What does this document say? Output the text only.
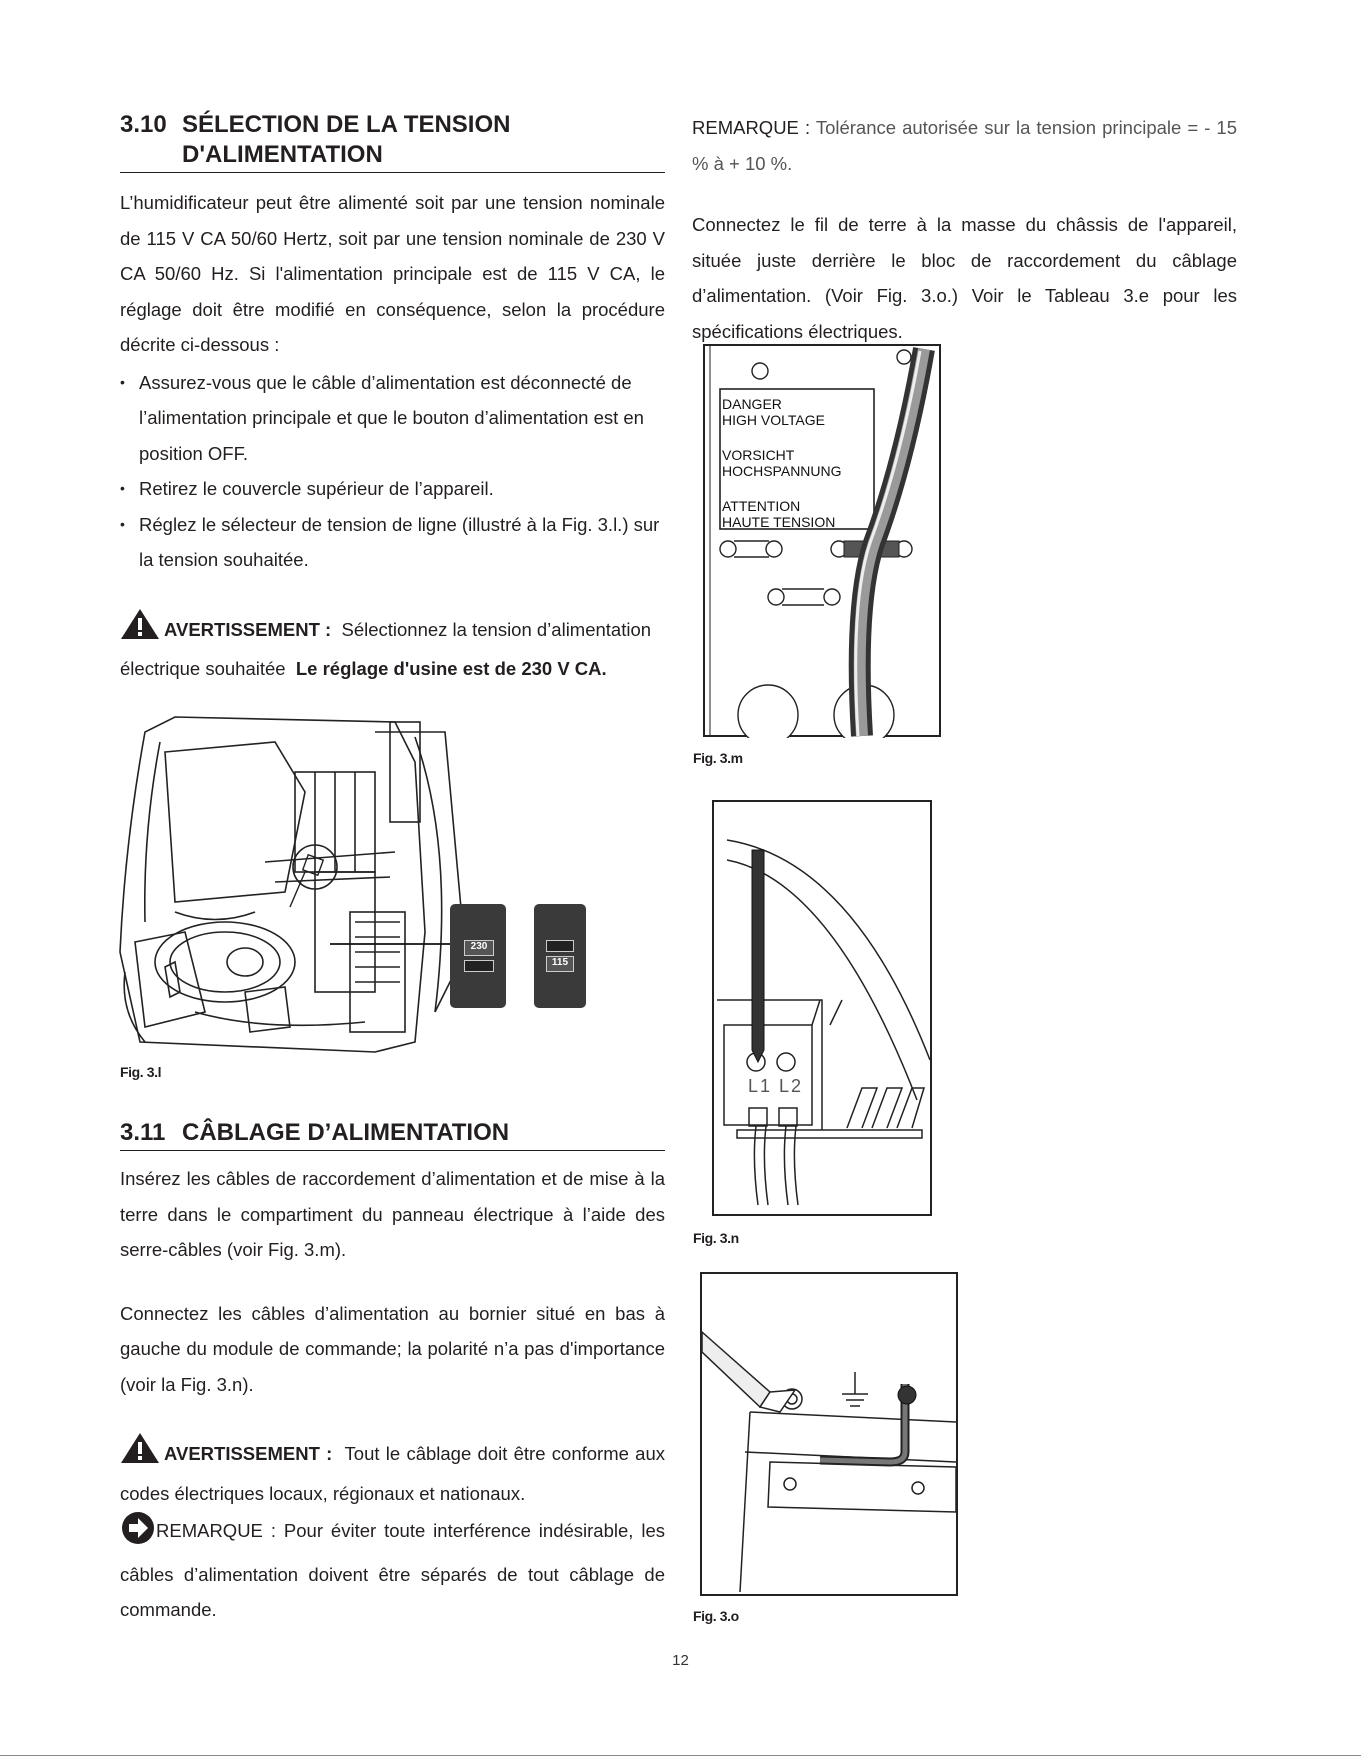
3.10 SÉLECTION DE LA TENSION
D'ALIMENTATION

L’humidificateur peut être alimenté soit par une tension nominale de 115 V CA 50/60 Hertz, soit par une tension nominale de 230 V CA 50/60 Hz. Si l'alimentation principale est de 115 V CA, le réglage doit être modifié en conséquence, selon la procédure décrite ci-dessous :

• Assurez-vous que le câble d’alimentation est déconnecté de l’alimentation principale et que le bouton d’alimentation est en position OFF.
• Retirez le couvercle supérieur de l’appareil.
• Réglez le sélecteur de tension de ligne (illustré à la Fig. 3.l.) sur la tension souhaitée.

AVERTISSEMENT : Sélectionnez la tension d’alimentation électrique souhaitée Le réglage d'usine est de 230 V CA.

230
115
Fig. 3.l
3.11 CÂBLAGE D’ALIMENTATION

Insérez les câbles de raccordement d’alimentation et de mise à la terre dans le compartiment du panneau électrique à l’aide des serre-câbles (voir Fig. 3.m).

Connectez les câbles d’alimentation au bornier situé en bas à gauche du module de commande; la polarité n’a pas d'importance (voir la Fig. 3.n).

AVERTISSEMENT : Tout le câblage doit être conforme aux codes électriques locaux, régionaux et nationaux.

REMARQUE : Pour éviter toute interférence indésirable, les câbles d’alimentation doivent être séparés de tout câblage de commande.

REMARQUE : Tolérance autorisée sur la tension principale = - 15 % à + 10 %.

Connectez le fil de terre à la masse du châssis de l'appareil, située juste derrière le bloc de raccordement du câblage d’alimentation. (Voir Fig. 3.o.) Voir le Tableau 3.e pour les spécifications électriques.

DANGER
HIGH VOLTAGE
VORSICHT
HOCHSPANNUNG
ATTENTION
HAUTE TENSION
Fig. 3.m
L1 L2
Fig. 3.n
Fig. 3.o
12
